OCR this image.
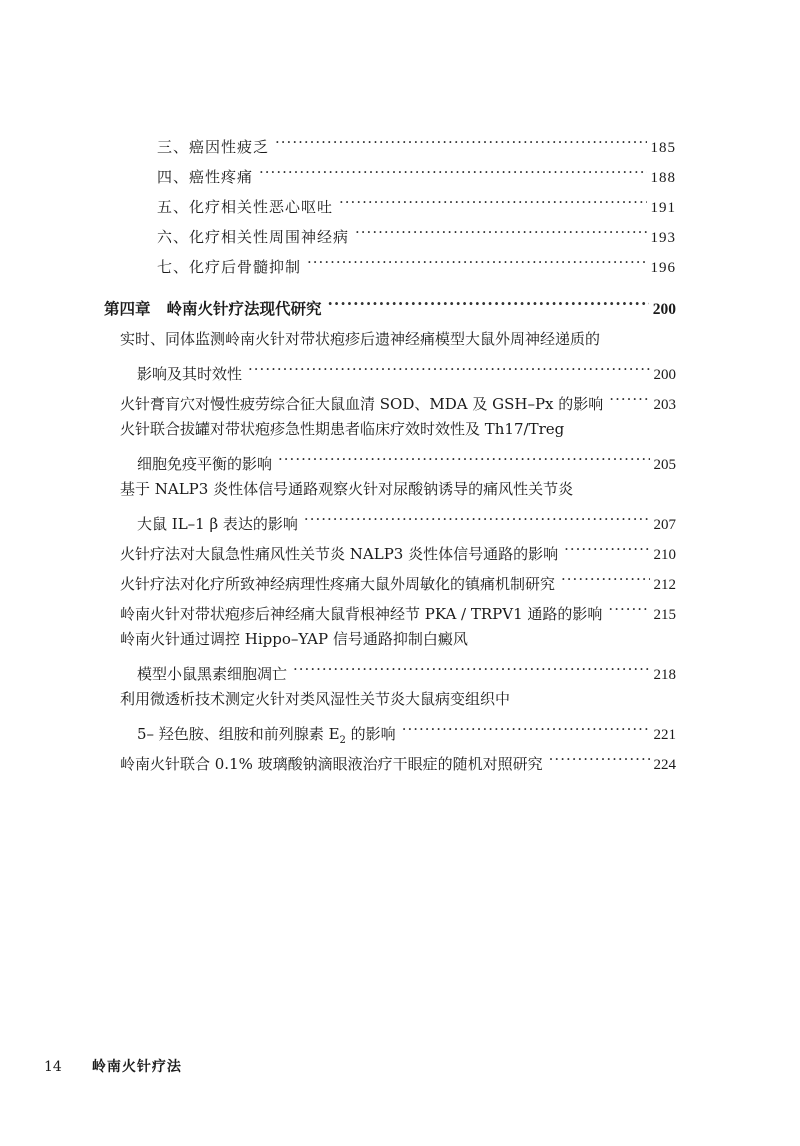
三、癌因性疲乏 ·····	185
四、癌性疼痛 ·····	188
五、化疗相关性恶心呕吐 ·····	191
六、化疗相关性周围神经病 ·····	193
七、化疗后骨髓抑制 ·····	196
第四章 岭南火针疗法现代研究 ·····	200
实时、同体监测岭南火针对带状疱疹后遗神经痛模型大鼠外周神经递质的
影响及其时效性 ·····	200
火针膏肓穴对慢性疲劳综合征大鼠血清 SOD、MDA 及 GSH–Px 的影响 ·····	203
火针联合拔罐对带状疱疹急性期患者临床疗效时效性及 Th17/Treg
细胞免疫平衡的影响 ·····	205
基于 NALP3 炎性体信号通路观察火针对尿酸钠诱导的痛风性关节炎
大鼠 IL–1 β 表达的影响 ·····	207
火针疗法对大鼠急性痛风性关节炎 NALP3 炎性体信号通路的影响 ·····	210
火针疗法对化疗所致神经病理性疼痛大鼠外周敏化的镇痛机制研究 ·····	212
岭南火针对带状疱疹后神经痛大鼠背根神经节 PKA / TRPV1 通路的影响 ·····	215
岭南火针通过调控 Hippo–YAP 信号通路抑制白癜风
模型小鼠黑素细胞凋亡 ·····	218
利用微透析技术测定火针对类风湿性关节炎大鼠病变组织中
5– 羟色胺、组胺和前列腺素 $E_2$ 的影响 ·····	221
岭南火针联合 0.1% 玻璃酸钠滴眼液治疗干眼症的随机对照研究 ·····	224
14 岭南火针疗法
